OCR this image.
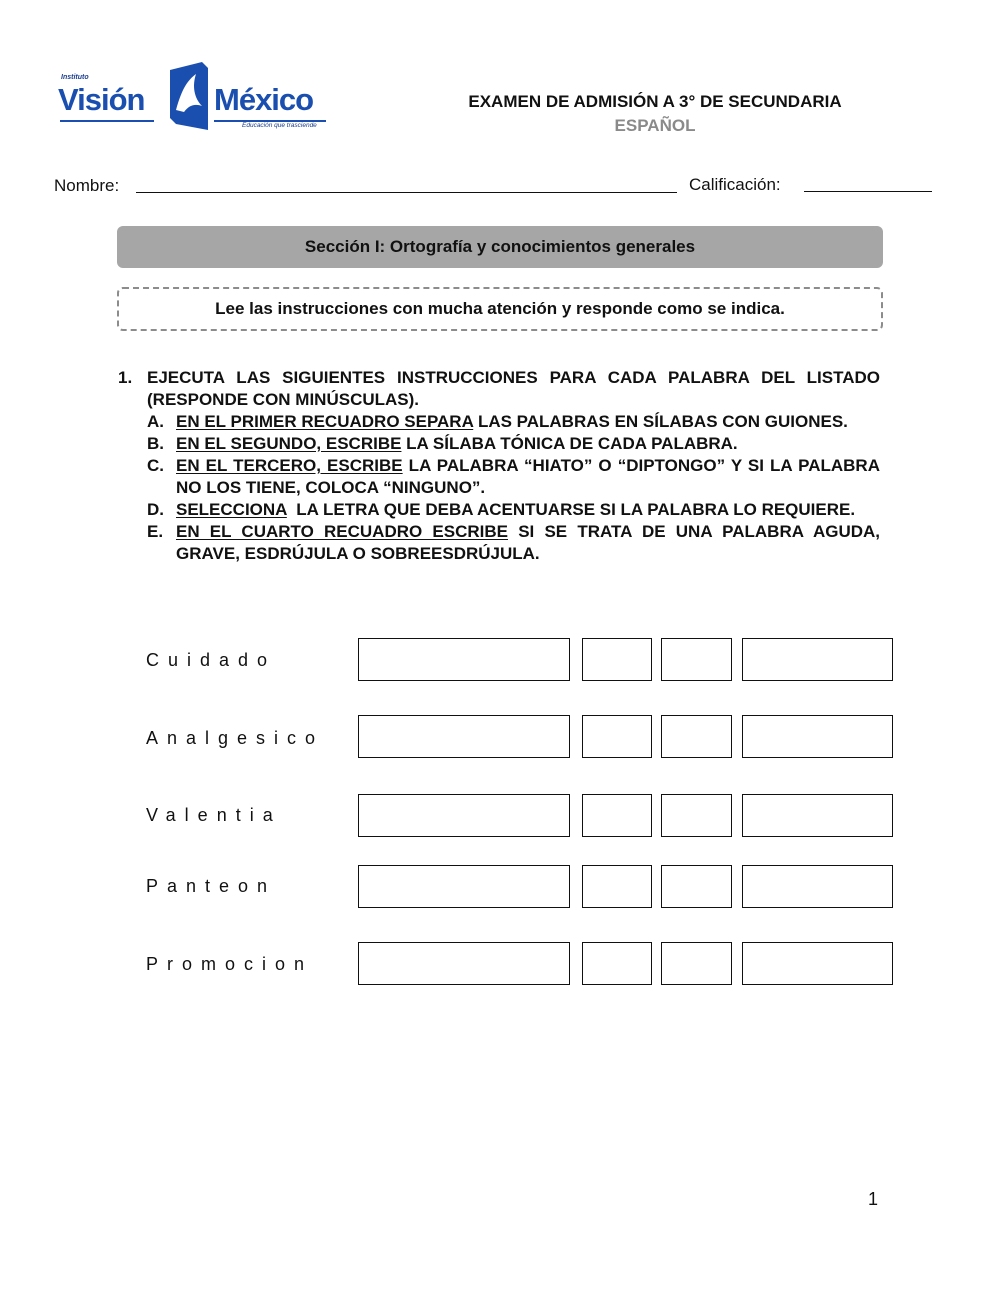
Instituto
Visión México
Educación que trasciende
EXAMEN DE ADMISIÓN A 3° DE SECUNDARIA
ESPAÑOL
Nombre:	Calificación:
Sección I: Ortografía y conocimientos generales
Lee las instrucciones con mucha atención y responde como se indica.
1. EJECUTA LAS SIGUIENTES INSTRUCCIONES PARA CADA PALABRA DEL LISTADO (RESPONDE CON MINÚSCULAS).
A. EN EL PRIMER RECUADRO SEPARA LAS PALABRAS EN SÍLABAS CON GUIONES.
B. EN EL SEGUNDO, ESCRIBE LA SÍLABA TÓNICA DE CADA PALABRA.
C. EN EL TERCERO, ESCRIBE LA PALABRA “HIATO” O “DIPTONGO” Y SI LA PALABRA NO LOS TIENE, COLOCA “NINGUNO”.
D. SELECCIONA  LA LETRA QUE DEBA ACENTUARSE SI LA PALABRA LO REQUIERE.
E. EN EL CUARTO RECUADRO ESCRIBE SI SE TRATA DE UNA PALABRA AGUDA, GRAVE, ESDRÚJULA O SOBREESDRÚJULA.
Cuidado
Analgesico
Valentia
Panteon
Promocion
1
